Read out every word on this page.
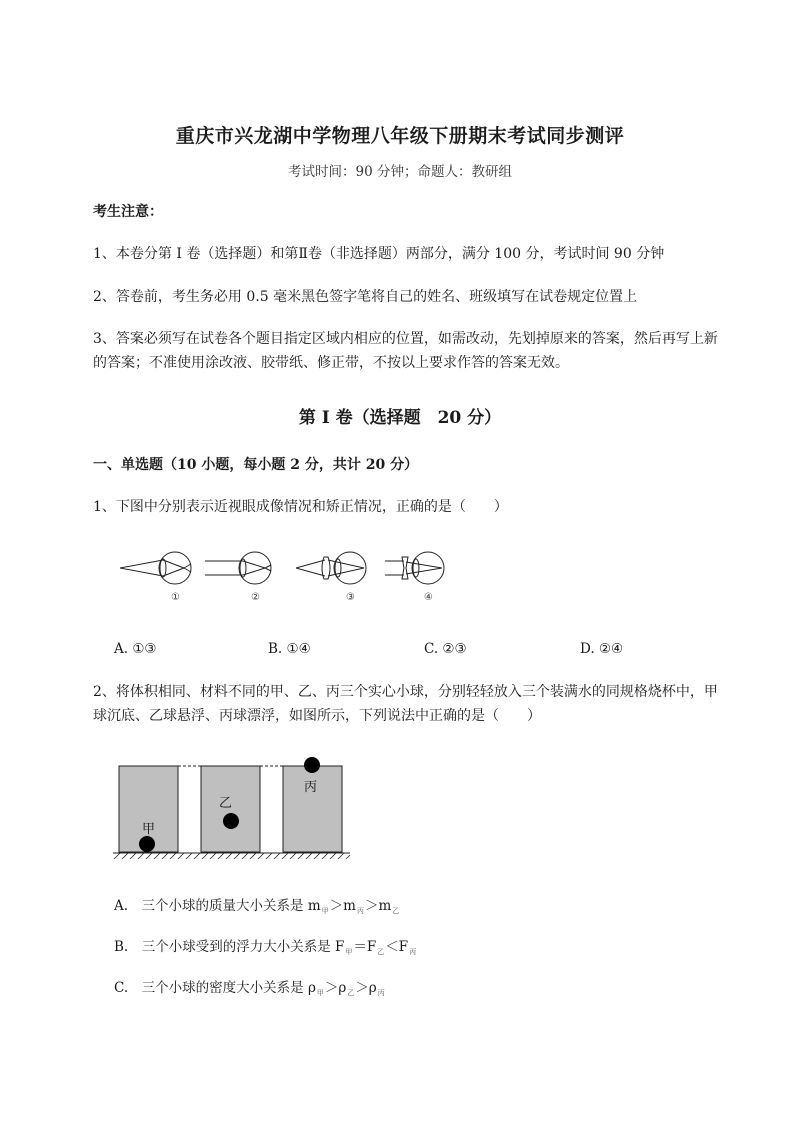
重庆市兴龙湖中学物理八年级下册期末考试同步测评
考试时间：90 分钟；命题人：教研组
考生注意：
1、本卷分第 I 卷（选择题）和第Ⅱ卷（非选择题）两部分，满分 100 分，考试时间 90 分钟
2、答卷前，考生务必用 0.5 毫米黑色签字笔将自己的姓名、班级填写在试卷规定位置上
3、答案必须写在试卷各个题目指定区域内相应的位置，如需改动，先划掉原来的答案，然后再写上新
的答案；不准使用涂改液、胶带纸、修正带，不按以上要求作答的答案无效。
第 I 卷（选择题　20 分）
一、单选题（10 小题，每小题 2 分，共计 20 分）
1、下图中分别表示近视眼成像情况和矫正情况，正确的是（　　）
①	②	③	④
A. ①③	B. ①④	C. ②③	D. ②④
2、将体积相同、材料不同的甲、乙、丙三个实心小球，分别轻轻放入三个装满水的同规格烧杯中，甲
球沉底、乙球悬浮、丙球漂浮，如图所示，下列说法中正确的是（　　）
甲
乙
丙
A.　三个小球的质量大小关系是 $m_甲>m_丙>m_乙$
B.　三个小球受到的浮力大小关系是 $F_甲=F_乙<F_丙$
C.　三个小球的密度大小关系是 $\rho_甲>\rho_乙>\rho_丙$
